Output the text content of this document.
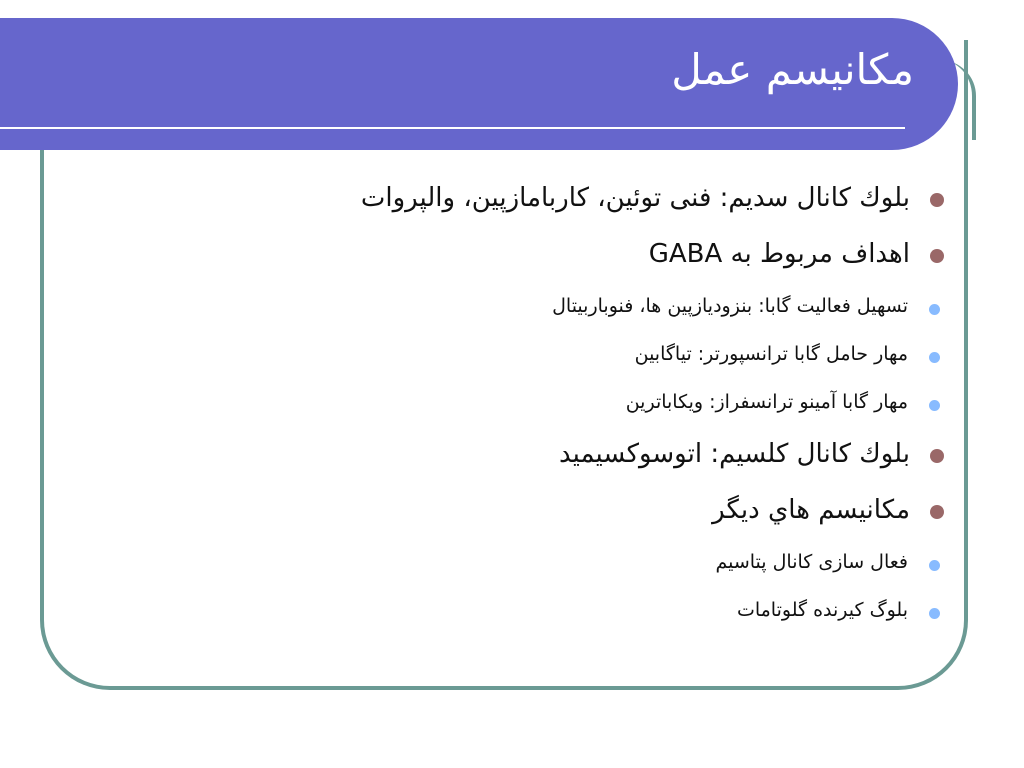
مکانیسم عمل
بلوك كانال سديم: فنى توئين، كاربامازپين، والپروات
اهداف مربوط به GABA
تسهيل فعاليت گابا: بنزوديازپين ها، فنوباربيتال
مهار حامل گابا ترانسپورتر: تياگابين
مهار گابا آمينو ترانسفراز: ويكاباترين
بلوك كانال كلسيم: اتوسوكسيميد
مكانيسم هاي ديگر
فعال سازى كانال پتاسيم
بلوگ كيرنده گلوتامات
